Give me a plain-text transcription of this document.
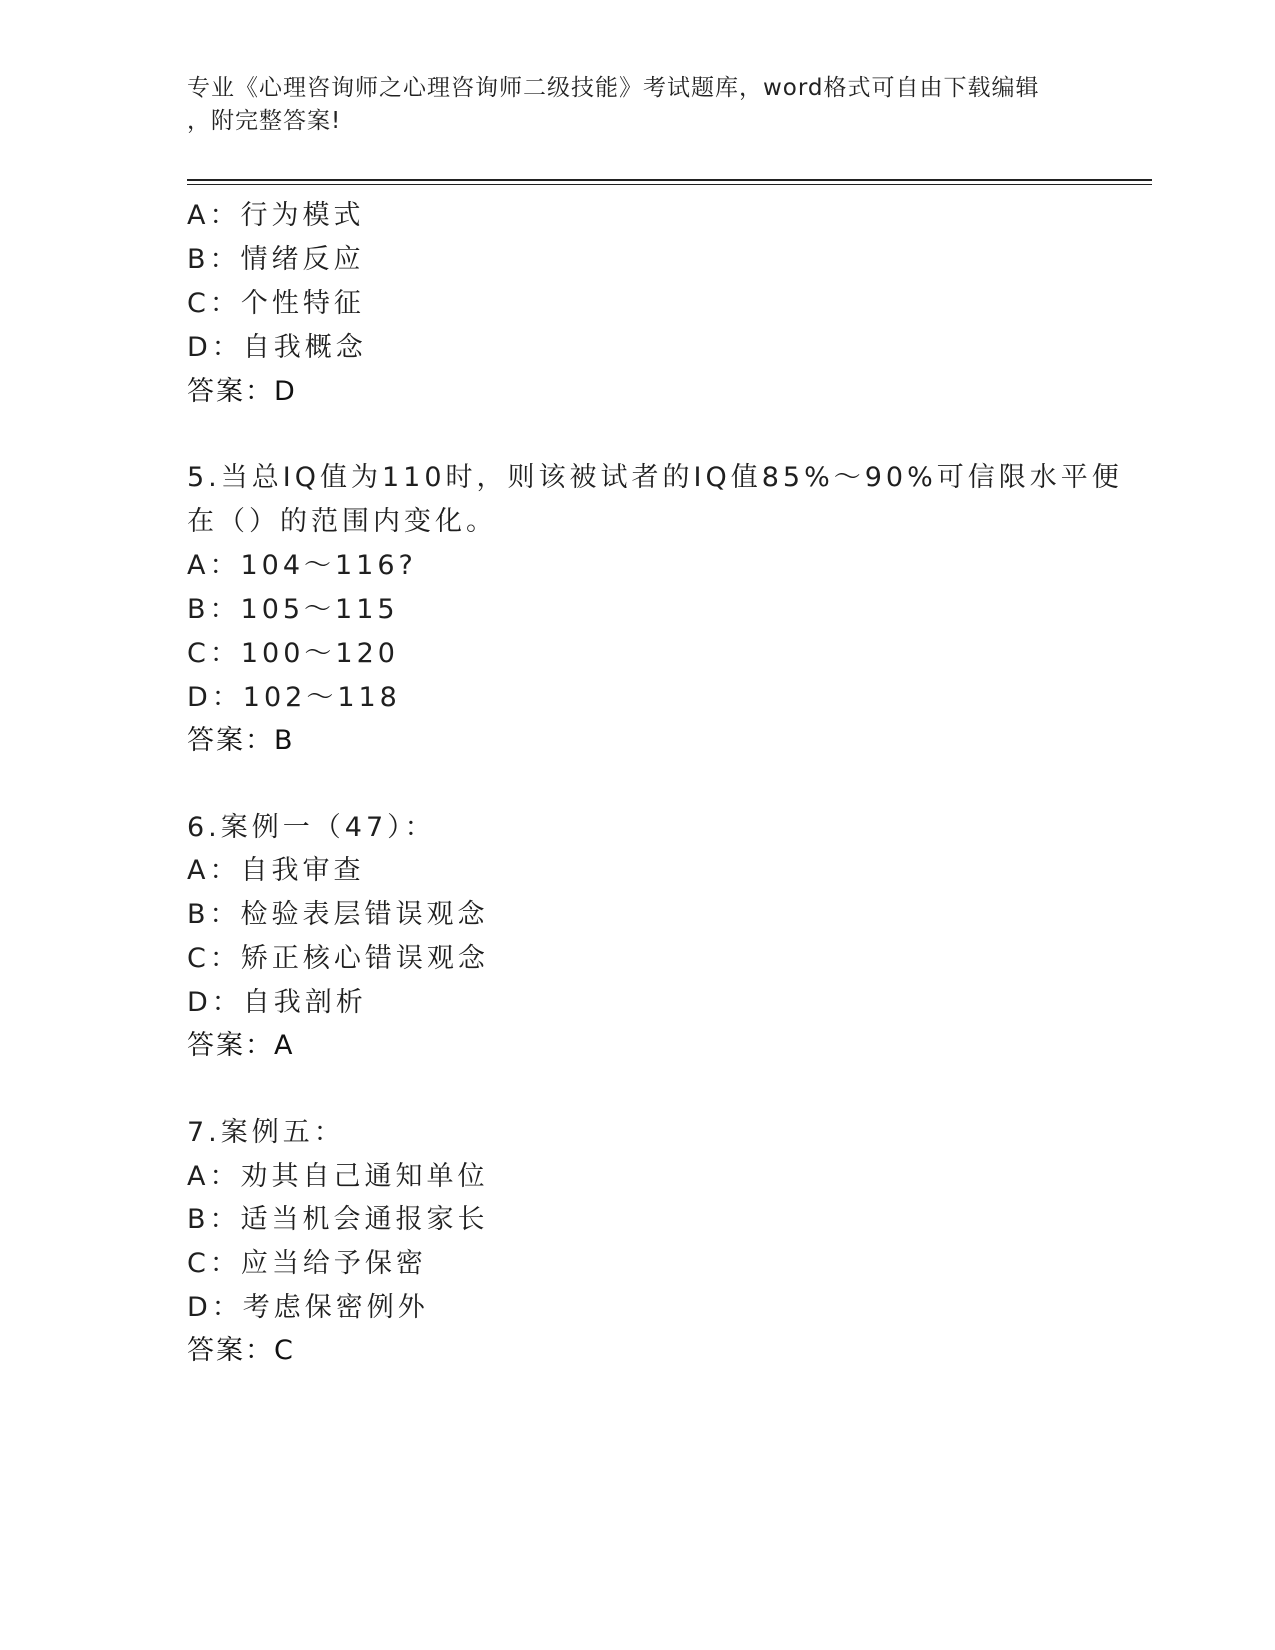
专业《心理咨询师之心理咨询师二级技能》考试题库，word格式可自由下载编辑
，附完整答案!
A：行为模式
B：情绪反应
C：个性特征
D：自我概念
答案：D
5.当总IQ值为110时，则该被试者的IQ值85%～90%可信限水平便
在（）的范围内变化。
A：104～116?
B：105～115
C：100～120
D：102～118
答案：B
6.案例一（47）：
A：自我审查
B：检验表层错误观念
C：矫正核心错误观念
D：自我剖析
答案：A
7.案例五：
A：劝其自己通知单位
B：适当机会通报家长
C：应当给予保密
D：考虑保密例外
答案：C
